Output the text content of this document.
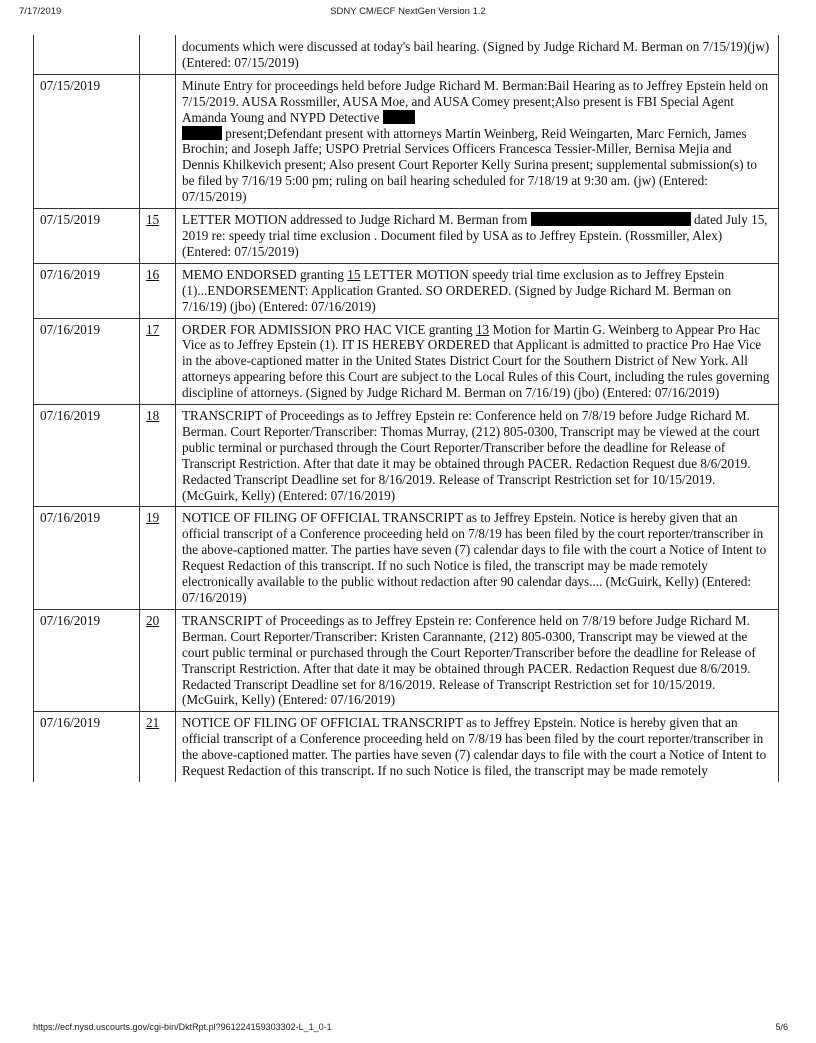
7/17/2019	SDNY CM/ECF NextGen Version 1.2
		documents which were discussed at today's bail hearing. (Signed by Judge Richard M. Berman on 7/15/19)(jw) (Entered: 07/15/2019)
07/15/2019		Minute Entry for proceedings held before Judge Richard M. Berman:Bail Hearing as to Jeffrey Epstein held on 7/15/2019. AUSA Rossmiller, AUSA Moe, and AUSA Comey present;Also present is FBI Special Agent Amanda Young and NYPD Detective
present;Defendant present with attorneys Martin Weinberg, Reid Weingarten, Marc Fernich, James Brochin; and Joseph Jaffe; USPO Pretrial Services Officers Francesca Tessier-Miller, Bernisa Mejia and Dennis Khilkevich present; Also present Court Reporter Kelly Surina present; supplemental submission(s) to be filed by 7/16/19 5:00 pm; ruling on bail hearing scheduled for 7/18/19 at 9:30 am. (jw) (Entered: 07/15/2019)
07/15/2019	15	LETTER MOTION addressed to Judge Richard M. Berman from dated July 15, 2019 re: speedy trial time exclusion . Document filed by USA as to Jeffrey Epstein. (Rossmiller, Alex) (Entered: 07/15/2019)
07/16/2019	16	MEMO ENDORSED granting 15 LETTER MOTION speedy trial time exclusion as to Jeffrey Epstein (1)...ENDORSEMENT: Application Granted. SO ORDERED. (Signed by Judge Richard M. Berman on 7/16/19) (jbo) (Entered: 07/16/2019)
07/16/2019	17	ORDER FOR ADMISSION PRO HAC VICE granting 13 Motion for Martin G. Weinberg to Appear Pro Hac Vice as to Jeffrey Epstein (1). IT IS HEREBY ORDERED that Applicant is admitted to practice Pro Hae Vice in the above-captioned matter in the United States District Court for the Southern District of New York. All attorneys appearing before this Court are subject to the Local Rules of this Court, including the rules governing discipline of attorneys. (Signed by Judge Richard M. Berman on 7/16/19) (jbo) (Entered: 07/16/2019)
07/16/2019	18	TRANSCRIPT of Proceedings as to Jeffrey Epstein re: Conference held on 7/8/19 before Judge Richard M. Berman. Court Reporter/Transcriber: Thomas Murray, (212) 805-0300, Transcript may be viewed at the court public terminal or purchased through the Court Reporter/Transcriber before the deadline for Release of Transcript Restriction. After that date it may be obtained through PACER. Redaction Request due 8/6/2019. Redacted Transcript Deadline set for 8/16/2019. Release of Transcript Restriction set for 10/15/2019. (McGuirk, Kelly) (Entered: 07/16/2019)
07/16/2019	19	NOTICE OF FILING OF OFFICIAL TRANSCRIPT as to Jeffrey Epstein. Notice is hereby given that an official transcript of a Conference proceeding held on 7/8/19 has been filed by the court reporter/transcriber in the above-captioned matter. The parties have seven (7) calendar days to file with the court a Notice of Intent to Request Redaction of this transcript. If no such Notice is filed, the transcript may be made remotely electronically available to the public without redaction after 90 calendar days.... (McGuirk, Kelly) (Entered: 07/16/2019)
07/16/2019	20	TRANSCRIPT of Proceedings as to Jeffrey Epstein re: Conference held on 7/8/19 before Judge Richard M. Berman. Court Reporter/Transcriber: Kristen Carannante, (212) 805-0300, Transcript may be viewed at the court public terminal or purchased through the Court Reporter/Transcriber before the deadline for Release of Transcript Restriction. After that date it may be obtained through PACER. Redaction Request due 8/6/2019. Redacted Transcript Deadline set for 8/16/2019. Release of Transcript Restriction set for 10/15/2019. (McGuirk, Kelly) (Entered: 07/16/2019)
07/16/2019	21	NOTICE OF FILING OF OFFICIAL TRANSCRIPT as to Jeffrey Epstein. Notice is hereby given that an official transcript of a Conference proceeding held on 7/8/19 has been filed by the court reporter/transcriber in the above-captioned matter. The parties have seven (7) calendar days to file with the court a Notice of Intent to Request Redaction of this transcript. If no such Notice is filed, the transcript may be made remotely
https://ecf.nysd.uscourts.gov/cgi-bin/DktRpt.pl?961224159303302-L_1_0-1	5/6
